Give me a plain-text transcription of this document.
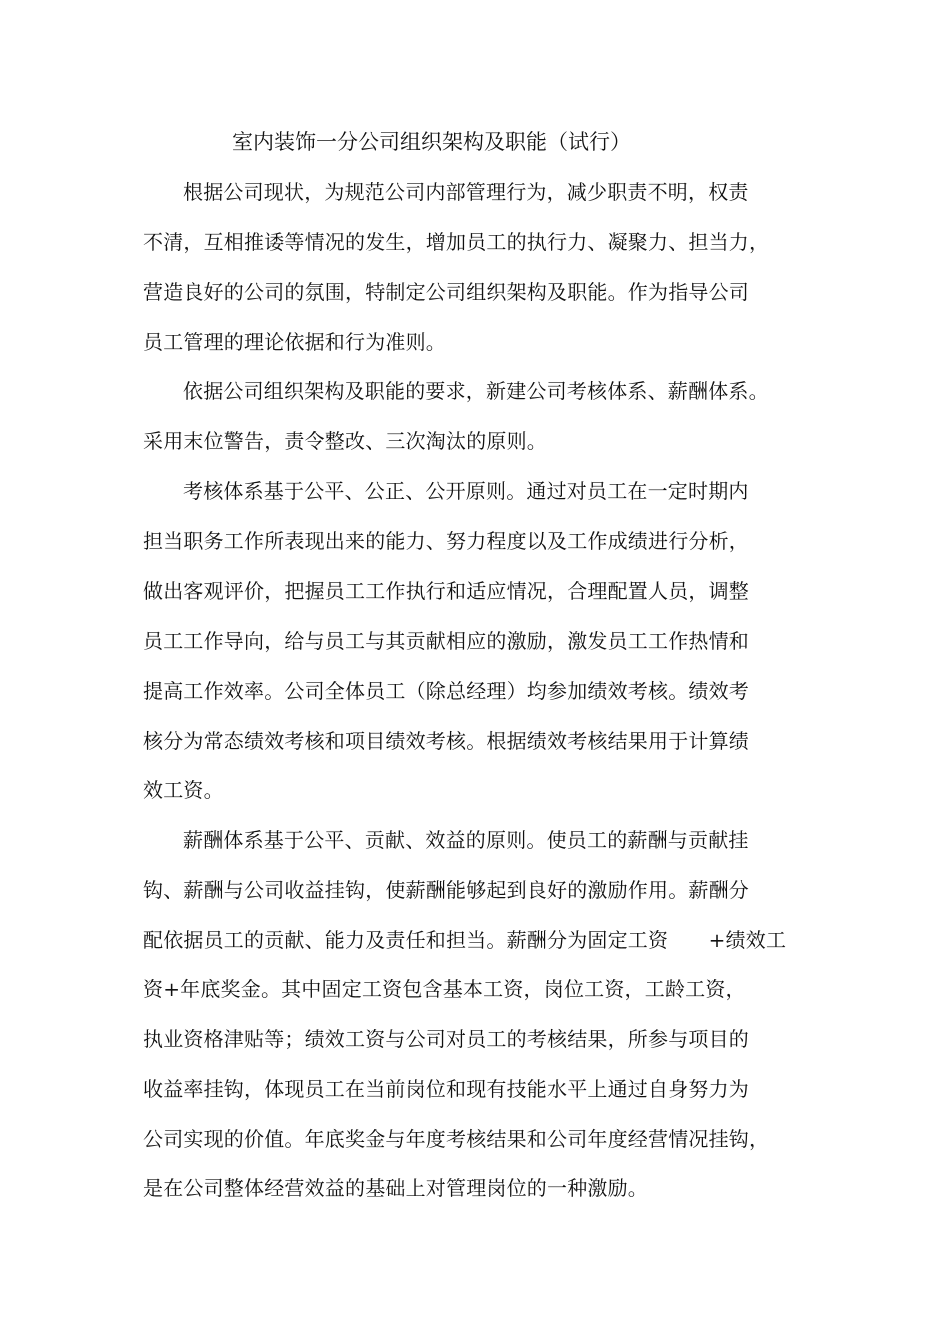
室内装饰一分公司组织架构及职能（试行）
根据公司现状，为规范公司内部管理行为，减少职责不明，权责
不清，互相推诿等情况的发生，增加员工的执行力、凝聚力、担当力，
营造良好的公司的氛围，特制定公司组织架构及职能。作为指导公司
员工管理的理论依据和行为准则。
依据公司组织架构及职能的要求，新建公司考核体系、薪酬体系。
采用末位警告，责令整改、三次淘汰的原则。
考核体系基于公平、公正、公开原则。通过对员工在一定时期内
担当职务工作所表现出来的能力、努力程度以及工作成绩进行分析，
做出客观评价，把握员工工作执行和适应情况，合理配置人员，调整
员工工作导向，给与员工与其贡献相应的激励，激发员工工作热情和
提高工作效率。公司全体员工（除总经理）均参加绩效考核。绩效考
核分为常态绩效考核和项目绩效考核。根据绩效考核结果用于计算绩
效工资。
薪酬体系基于公平、贡献、效益的原则。使员工的薪酬与贡献挂
钩、薪酬与公司收益挂钩，使薪酬能够起到良好的激励作用。薪酬分
配依据员工的贡献、能力及责任和担当。薪酬分为固定工资　　+绩效工
资+年底奖金。其中固定工资包含基本工资，岗位工资，工龄工资，
执业资格津贴等；绩效工资与公司对员工的考核结果，所参与项目的
收益率挂钩，体现员工在当前岗位和现有技能水平上通过自身努力为
公司实现的价值。年底奖金与年度考核结果和公司年度经营情况挂钩，
是在公司整体经营效益的基础上对管理岗位的一种激励。
